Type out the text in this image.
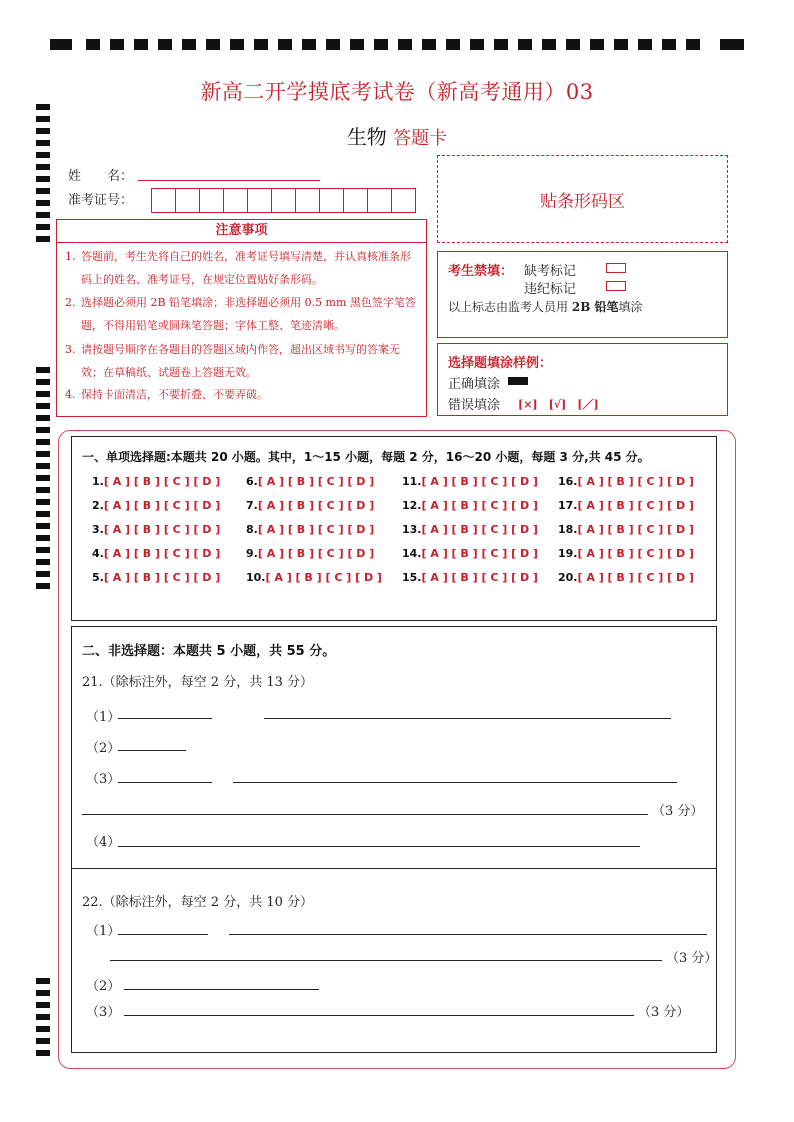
新高二开学摸底考试卷（新高考通用）03
生物 答题卡
姓　　名：
准考证号：	贴条形码区
注意事项
1. 答题前，考生先将自己的姓名，准考证号填写清楚，并认真核准条形码上的姓名、准考证号，在规定位置贴好条形码。
2. 选择题必须用 2B 铅笔填涂；非选择题必须用 0.5 mm 黑色签字笔答题，不得用铅笔或圆珠笔答题；字体工整、笔迹清晰。
3. 请按题号顺序在各题目的答题区域内作答，超出区域书写的答案无效；在草稿纸、试题卷上答题无效。
4. 保持卡面清洁，不要折叠、不要弄破。
考生禁填： 缺考标记
违纪标记
以上标志由监考人员用 2B 铅笔填涂
选择题填涂样例：
正确填涂
错误填涂 [×]　[√]　[／]
一、单项选择题:本题共 20 小题。其中，1～15 小题，每题 2 分，16～20 小题，每题 3 分,共 45 分。
1.[ A ] [ B ] [ C ] [ D ]
2.[ A ] [ B ] [ C ] [ D ]
3.[ A ] [ B ] [ C ] [ D ]
4.[ A ] [ B ] [ C ] [ D ]
5.[ A ] [ B ] [ C ] [ D ]
6.[ A ] [ B ] [ C ] [ D ]
7.[ A ] [ B ] [ C ] [ D ]
8.[ A ] [ B ] [ C ] [ D ]
9.[ A ] [ B ] [ C ] [ D ]
10.[ A ] [ B ] [ C ] [ D ]
11.[ A ] [ B ] [ C ] [ D ]
12.[ A ] [ B ] [ C ] [ D ]
13.[ A ] [ B ] [ C ] [ D ]
14.[ A ] [ B ] [ C ] [ D ]
15.[ A ] [ B ] [ C ] [ D ]
16.[ A ] [ B ] [ C ] [ D ]
17.[ A ] [ B ] [ C ] [ D ]
18.[ A ] [ B ] [ C ] [ D ]
19.[ A ] [ B ] [ C ] [ D ]
20.[ A ] [ B ] [ C ] [ D ]
二、非选择题：本题共 5 小题，共 55 分。
21.（除标注外，每空 2 分，共 13 分）
（1）
（2）
（3）
（3 分）
（4）
22.（除标注外，每空 2 分，共 10 分）
（1）
（3 分）
（2）
（3）	（3 分）
